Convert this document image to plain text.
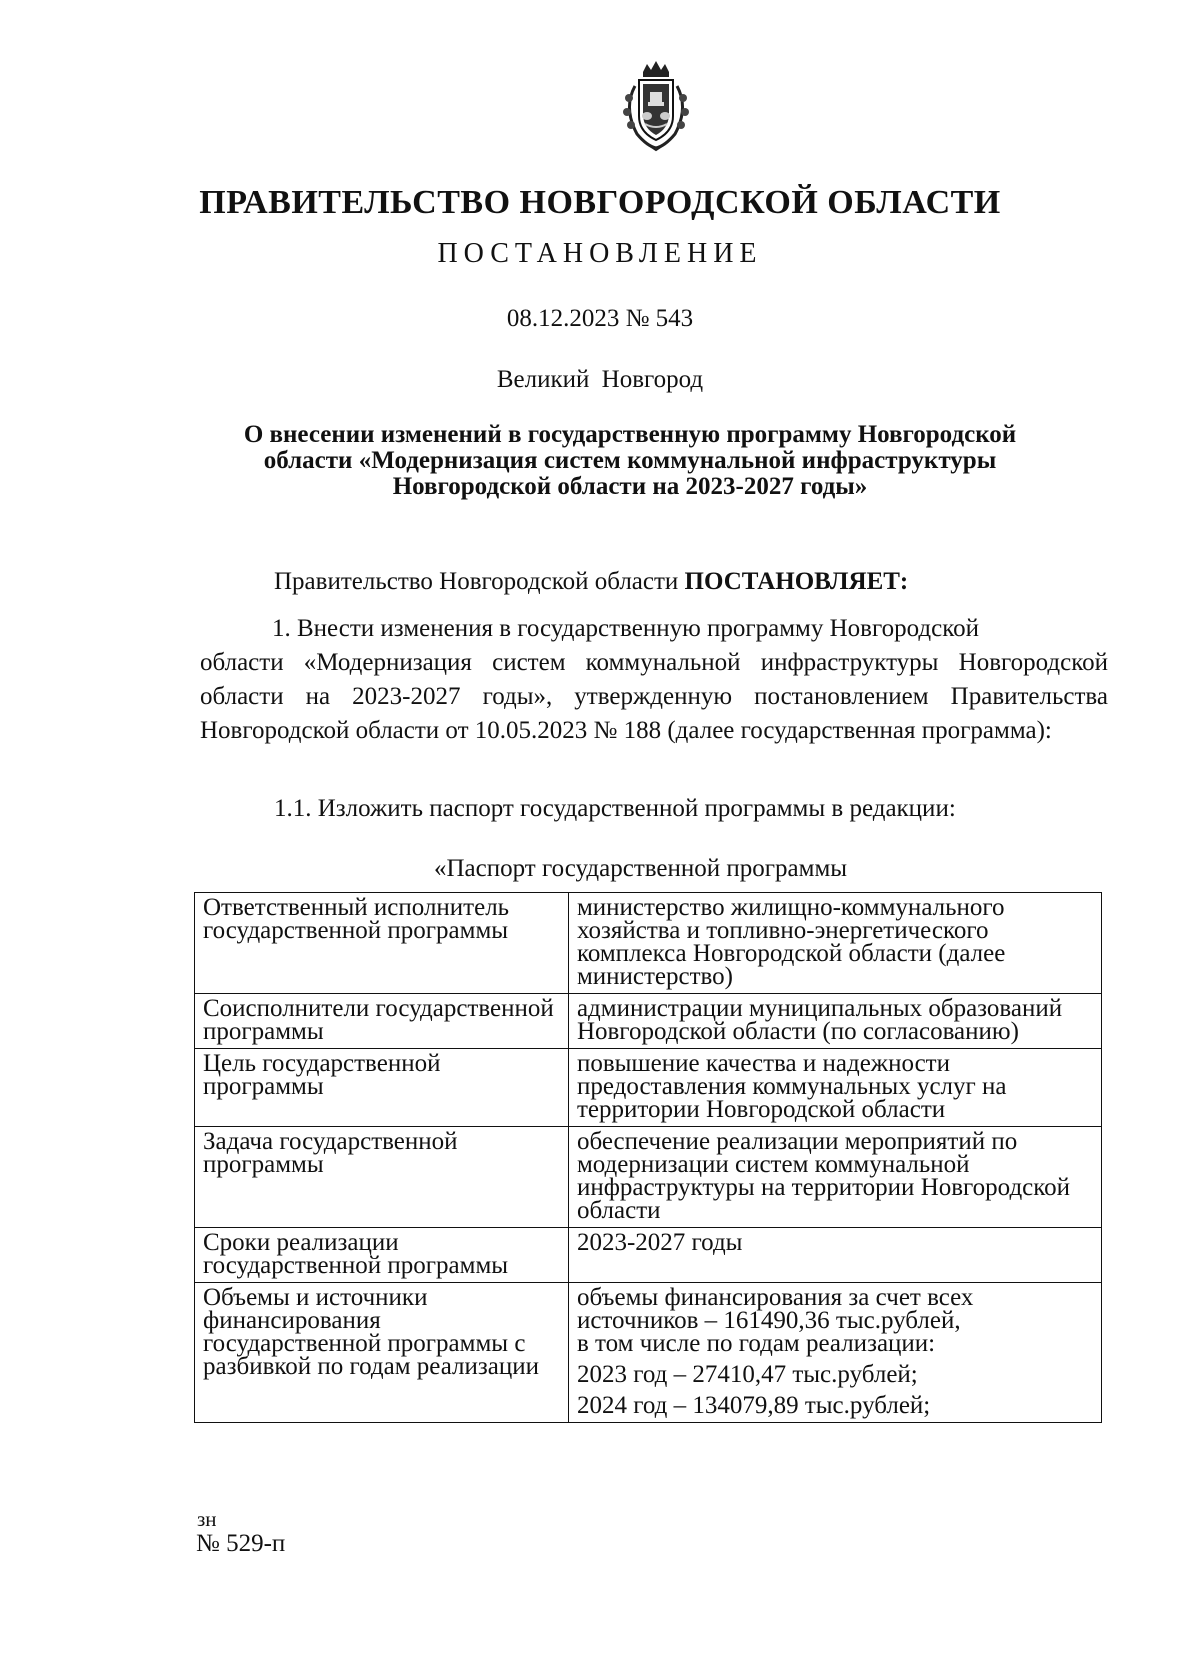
ПРАВИТЕЛЬСТВО НОВГОРОДСКОЙ ОБЛАСТИ
ПОСТАНОВЛЕНИЕ
08.12.2023 № 543
Великий Новгород
О внесении изменений в государственную программу Новгородской
области «Модернизация систем коммунальной инфраструктуры
Новгородской области на 2023-2027 годы»
Правительство Новгородской области ПОСТАНОВЛЯЕТ:
1. Внести изменения в государственную программу Новгородской
области «Модернизация систем коммунальной инфраструктуры Новгородской области на 2023-2027 годы», утвержденную постановлением Правительства Новгородской области от 10.05.2023 № 188 (далее государственная программа):
1.1. Изложить паспорт государственной программы в редакции:
«Паспорт государственной программы
Ответственный исполнитель государственной программы	министерство жилищно-коммунального хозяйства и топливно-энергетического комплекса Новгородской области (далее министерство)
Соисполнители государственной программы	администрации муниципальных образований Новгородской области (по согласованию)
Цель государственной программы	повышение качества и надежности предоставления коммунальных услуг на территории Новгородской области
Задача государственной программы	обеспечение реализации мероприятий по модернизации систем коммунальной инфраструктуры на территории Новгородской области
Сроки реализации государственной программы	2023-2027 годы
Объемы и источники финансирования государственной программы с разбивкой по годам реализации	объемы финансирования за счет всех
источников – 161490,36 тыс.рублей,
в том числе по годам реализации:
2023 год – 27410,47 тыс.рублей;
2024 год – 134079,89 тыс.рублей;
зн
№ 529-п
